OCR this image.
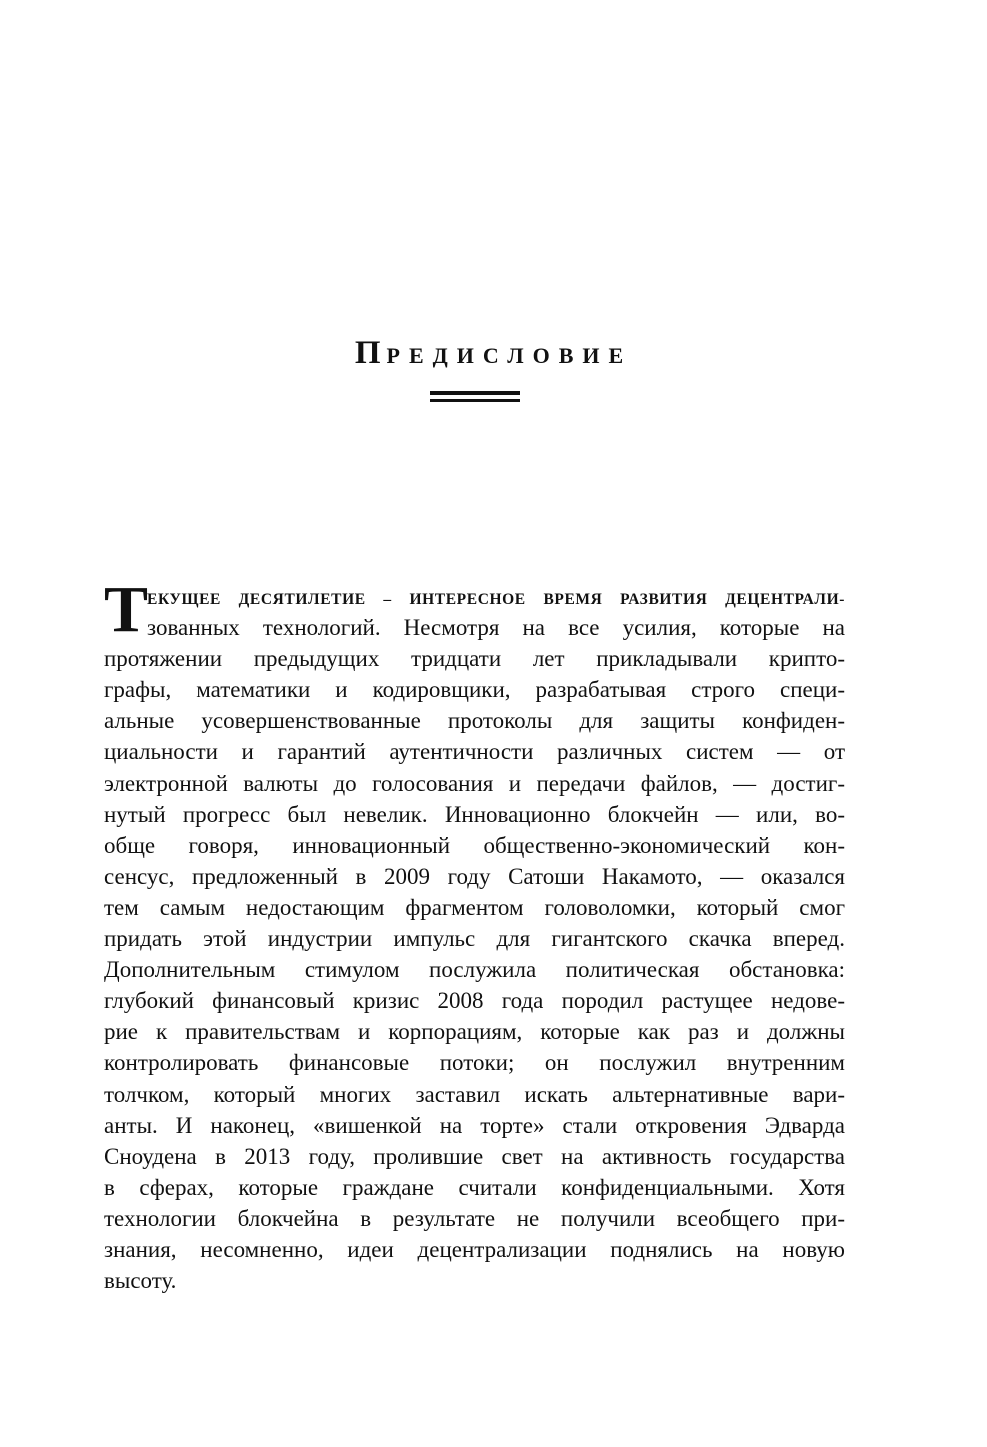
ПРЕДИСЛОВИЕ
Т
ЕКУЩЕЕ ДЕСЯТИЛЕТИЕ – ИНТЕРЕСНОЕ ВРЕМЯ РАЗВИТИЯ ДЕЦЕНТРАЛИ-
зованных технологий. Несмотря на все усилия, которые на
протяжении предыдущих тридцати лет прикладывали крипто-
графы, математики и кодировщики, разрабатывая строго специ-
альные усовершенствованные протоколы для защиты конфиден-
циальности и гарантий аутентичности различных систем — от
электронной валюты до голосования и передачи файлов, — достиг-
нутый прогресс был невелик. Инновационно блокчейн — или, во-
обще говоря, инновационный общественно-экономический кон-
сенсус, предложенный в 2009 году Сатоши Накамото, — оказался
тем самым недостающим фрагментом головоломки, который смог
придать этой индустрии импульс для гигантского скачка вперед.
Дополнительным стимулом послужила политическая обстановка:
глубокий финансовый кризис 2008 года породил растущее недове-
рие к правительствам и корпорациям, которые как раз и должны
контролировать финансовые потоки; он послужил внутренним
толчком, который многих заставил искать альтернативные вари-
анты. И наконец, «вишенкой на торте» стали откровения Эдварда
Сноудена в 2013 году, пролившие свет на активность государства
в сферах, которые граждане считали конфиденциальными. Хотя
технологии блокчейна в результате не получили всеобщего при-
знания, несомненно, идеи децентрализации поднялись на новую
высоту.
